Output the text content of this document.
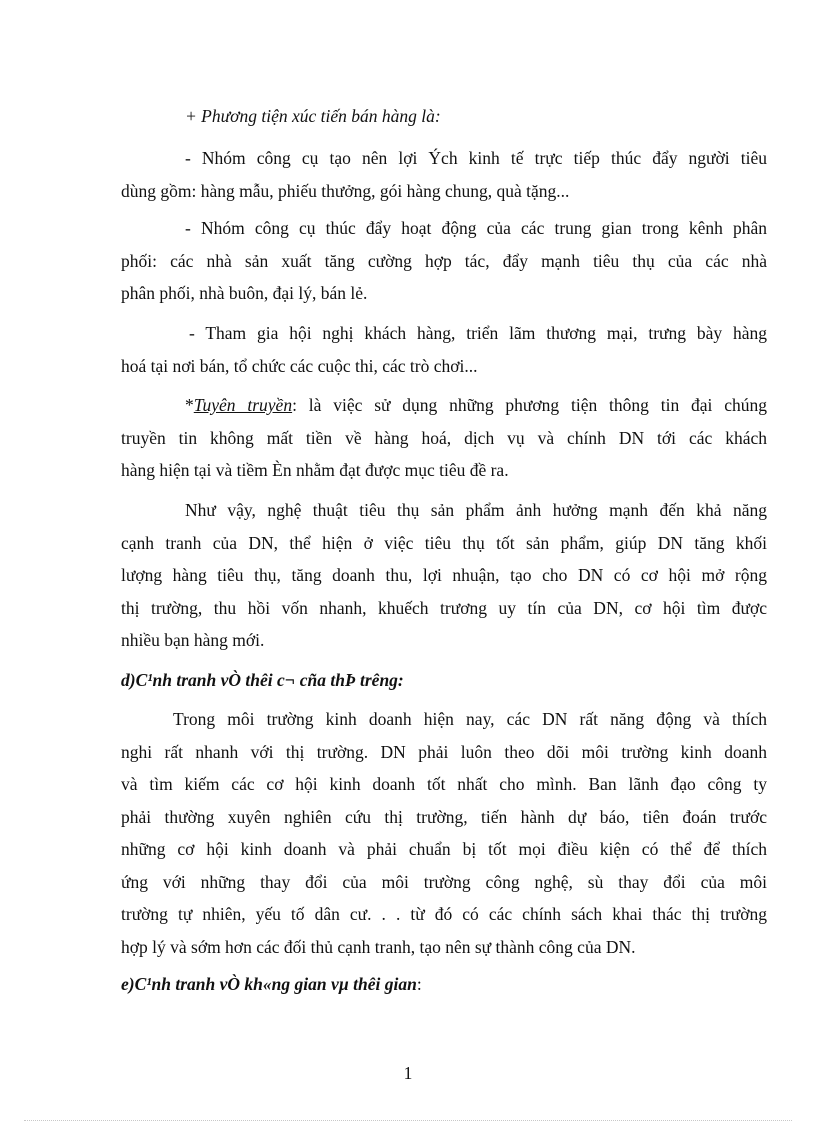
+ Phương tiện xúc tiến bán hàng là:

- Nhóm công cụ tạo nên lợi Ých kinh tế trực tiếp thúc đẩy người tiêu
dùng gồm: hàng mẫu, phiếu thưởng, gói hàng chung, quà tặng...
- Nhóm công cụ thúc đẩy hoạt động của các trung gian trong kênh phân
phối: các nhà sản xuất tăng cường hợp tác, đẩy mạnh tiêu thụ của các nhà
phân phối, nhà buôn, đại lý, bán lẻ.
- Tham gia hội nghị khách hàng, triển lãm thương mại, trưng bày hàng
hoá tại nơi bán, tổ chức các cuộc thi, các trò chơi...
*Tuyên truyền: là việc sử dụng những phương tiện thông tin đại chúng
truyền tin không mất tiền về hàng hoá, dịch vụ và chính DN tới các khách
hàng hiện tại và tiềm Èn nhằm đạt được mục tiêu đề ra.
Như vậy, nghệ thuật tiêu thụ sản phẩm ảnh hưởng mạnh đến khả năng
cạnh tranh của DN, thể hiện ở việc tiêu thụ tốt sản phẩm, giúp DN tăng khối
lượng hàng tiêu thụ, tăng doanh thu, lợi nhuận, tạo cho DN có cơ hội mở rộng
thị trường, thu hồi vốn nhanh, khuếch trương uy tín của DN, cơ hội tìm được
nhiều bạn hàng mới.

d)C¹nh tranh vÒ thêi c¬ cña thÞ trêng:

Trong môi trường kinh doanh hiện nay, các DN rất năng động và thích
nghi rất nhanh với thị trường. DN phải luôn theo dõi môi trường kinh doanh
và tìm kiếm các cơ hội kinh doanh tốt nhất cho mình. Ban lãnh đạo công ty
phải thường xuyên nghiên cứu thị trường, tiến hành dự báo, tiên đoán trước
những cơ hội kinh doanh và phải chuẩn bị tốt mọi điều kiện có thể để thích
ứng với những thay đổi của môi trường công nghệ, sù thay đổi của môi
trường tự nhiên, yếu tố dân cư. . . từ đó có các chính sách khai thác thị trường
hợp lý và sớm hơn các đối thủ cạnh tranh, tạo nên sự thành công của DN.

e)C¹nh tranh vÒ kh«ng gian vµ thêi gian:

1
